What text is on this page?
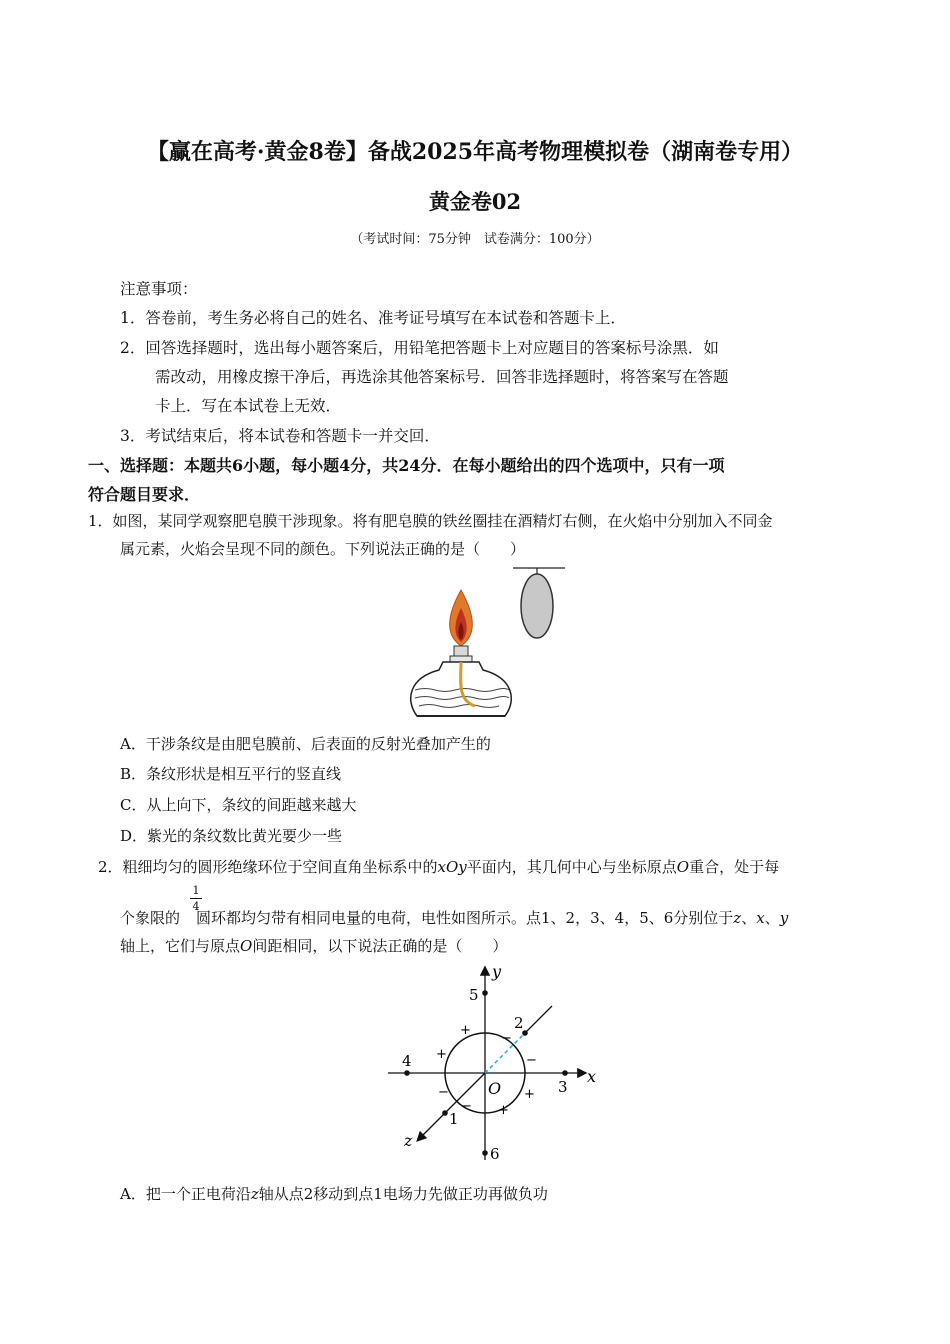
【赢在高考·黄金8卷】备战2025年高考物理模拟卷（湖南卷专用）
黄金卷02
（考试时间：75分钟　试卷满分：100分）
注意事项：
1．答卷前，考生务必将自己的姓名、准考证号填写在本试卷和答题卡上．
2．回答选择题时，选出每小题答案后，用铅笔把答题卡上对应题目的答案标号涂黑．如
需改动，用橡皮擦干净后，再选涂其他答案标号．回答非选择题时，将答案写在答题
卡上．写在本试卷上无效．
3．考试结束后，将本试卷和答题卡一并交回．
一、选择题：本题共6小题，每小题4分，共24分．在每小题给出的四个选项中，只有一项
符合题目要求．
1．如图，某同学观察肥皂膜干涉现象。将有肥皂膜的铁丝圈挂在酒精灯右侧，在火焰中分别加入不同金
属元素，火焰会呈现不同的颜色。下列说法正确的是（　　）
A．干涉条纹是由肥皂膜前、后表面的反射光叠加产生的
B．条纹形状是相互平行的竖直线
C．从上向下，条纹的间距越来越大
D．紫光的条纹数比黄光要少一些
2．粗细均匀的圆形绝缘环位于空间直角坐标系中的xOy平面内，其几何中心与坐标原点O重合，处于每
1
4
个象限的 圆环都均匀带有相同电量的电荷，电性如图所示。点1、2，3、4，5、6分别位于z、x、y
轴上，它们与原点O间距相同，以下说法正确的是（　　）
y
x
z
O
1
2
3
4
5
6
+
+
−
−
+
+
−
−
A．把一个正电荷沿z轴从点2移动到点1电场力先做正功再做负功
